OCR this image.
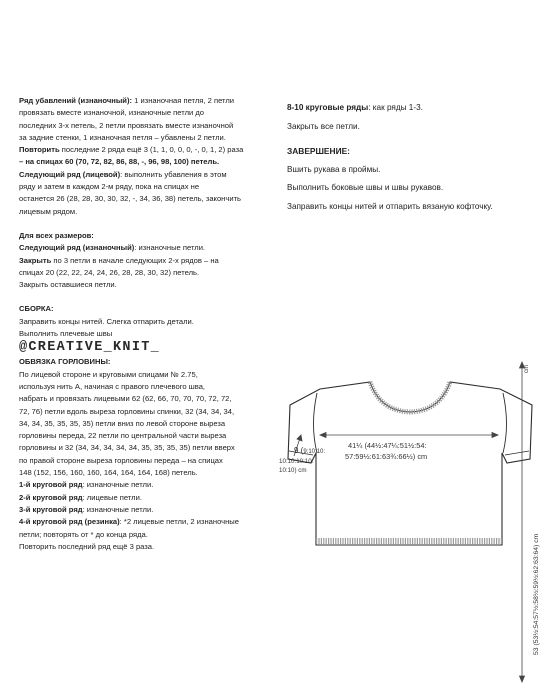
Ряд убавлений (изнаночный): 1 изнаночная петля, 2 петли
провязать вместе изнаночной, изнаночные петли до
последних 3-х петель, 2 петли провязать вместе изнаночной
за задние стенки, 1 изнаночная петля – убавлены 2 петли.

Повторить последние 2 ряда ещё 3 (1, 1, 0, 0, 0, -, 0, 1, 2) раза
– на спицах 60 (70, 72, 82, 86, 88, -, 96, 98, 100) петель.

Следующий ряд (лицевой): выполнить убавления в этом
ряду и затем в каждом 2-м ряду, пока на спицах не
останется 26 (28, 28, 30, 30, 32, -, 34, 36, 38) петель, закончить
лицевым рядом.

Для всех размеров:

Следующий ряд (изнаночный): изнаночные петли.

Закрыть по 3 петли в начале следующих 2-х рядов – на
спицах 20 (22, 22, 24, 24, 26, 28, 28, 30, 32) петель.
Закрыть оставшиеся петли.

СБОРКА:

Заправить концы нитей. Слегка отпарить детали.

Выполнить плечевые швы

@CREATIVE_KNIT_

ОБВЯЗКА ГОРЛОВИНЫ:

По лицевой стороне и круговыми спицами № 2.75,

используя нить A, начиная с правого плечевого шва,

набрать и провязать лицевыми 62 (62, 66, 70, 70, 70, 72, 72,

72, 76) петли вдоль выреза горловины спинки, 32 (34, 34, 34,

34, 34, 35, 35, 35, 35) петли вниз по левой стороне выреза

горловины переда, 22 петли по центральной части выреза

горловины и 32 (34, 34, 34, 34, 34, 35, 35, 35, 35) петли вверх

по правой стороне выреза горловины переда – на спицах

148 (152, 156, 160, 160, 164, 164, 164, 168) петель.

1-й круговой ряд: изнаночные петли.

2-й круговой ряд: лицевые петли.

3-й круговой ряд: изнаночные петли.

4-й круговой ряд (резинка): *2 лицевые петли, 2 изнаночные
петли; повторять от * до конца ряда.

Повторить последний ряд ещё 3 раза.

8-10 круговые ряды: как ряды 1-3.

Закрыть все петли.

ЗАВЕРШЕНИЕ:

Вшить рукава в проймы.

Выполнить боковые швы и швы рукавов.

Заправить концы нитей и отпарить вязаную кофточку.

9 (9:10:10:
10:10:10:10:
10:10) cm
41¼ (44½:47¼:51½:54:
57:59½:61:63¾:66½) cm
cm
53 (53½:54:57½:58½:59½:62:63:64) cm
